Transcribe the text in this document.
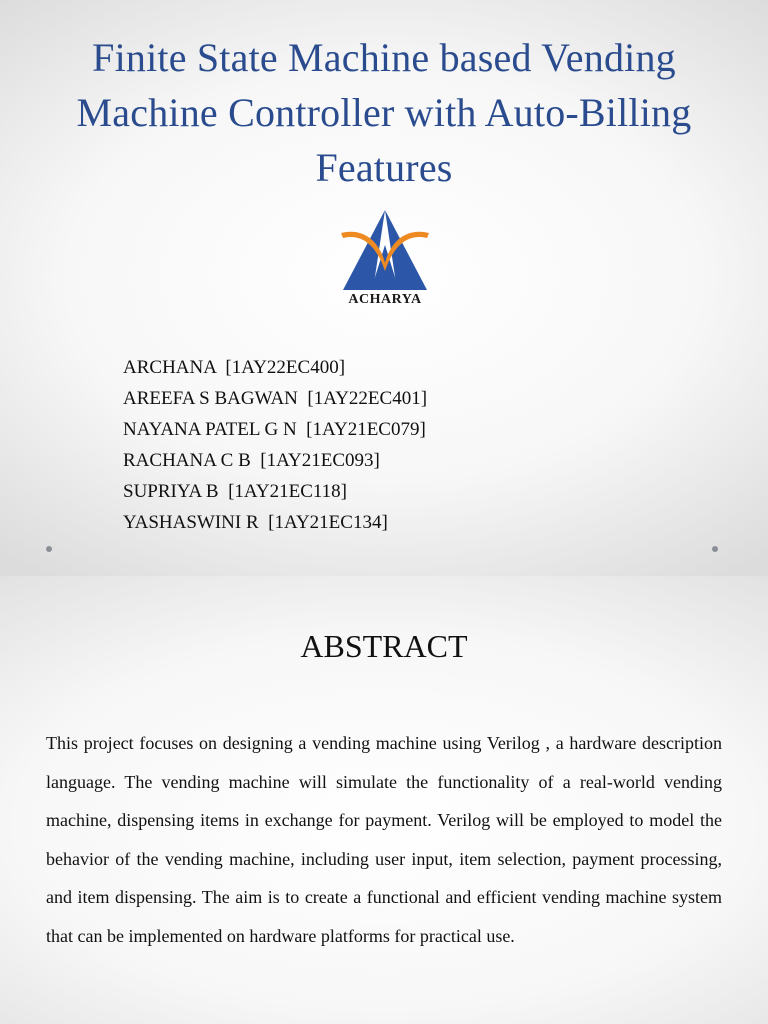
Finite State Machine based Vending Machine Controller with Auto-Billing Features
ACHARYA
ARCHANA  [1AY22EC400]
AREEFA S BAGWAN  [1AY22EC401]
NAYANA PATEL G N  [1AY21EC079]
RACHANA C B  [1AY21EC093]
SUPRIYA B  [1AY21EC118]
YASHASWINI R  [1AY21EC134]
ABSTRACT

This project focuses on designing a vending machine using Verilog , a hardware description language. The vending machine will simulate the functionality of a real-world vending machine, dispensing items in exchange for payment. Verilog will be employed to model the behavior of the vending machine, including user input, item selection, payment processing, and item dispensing. The aim is to create a functional and efficient vending machine system that can be implemented on hardware platforms for practical use.
